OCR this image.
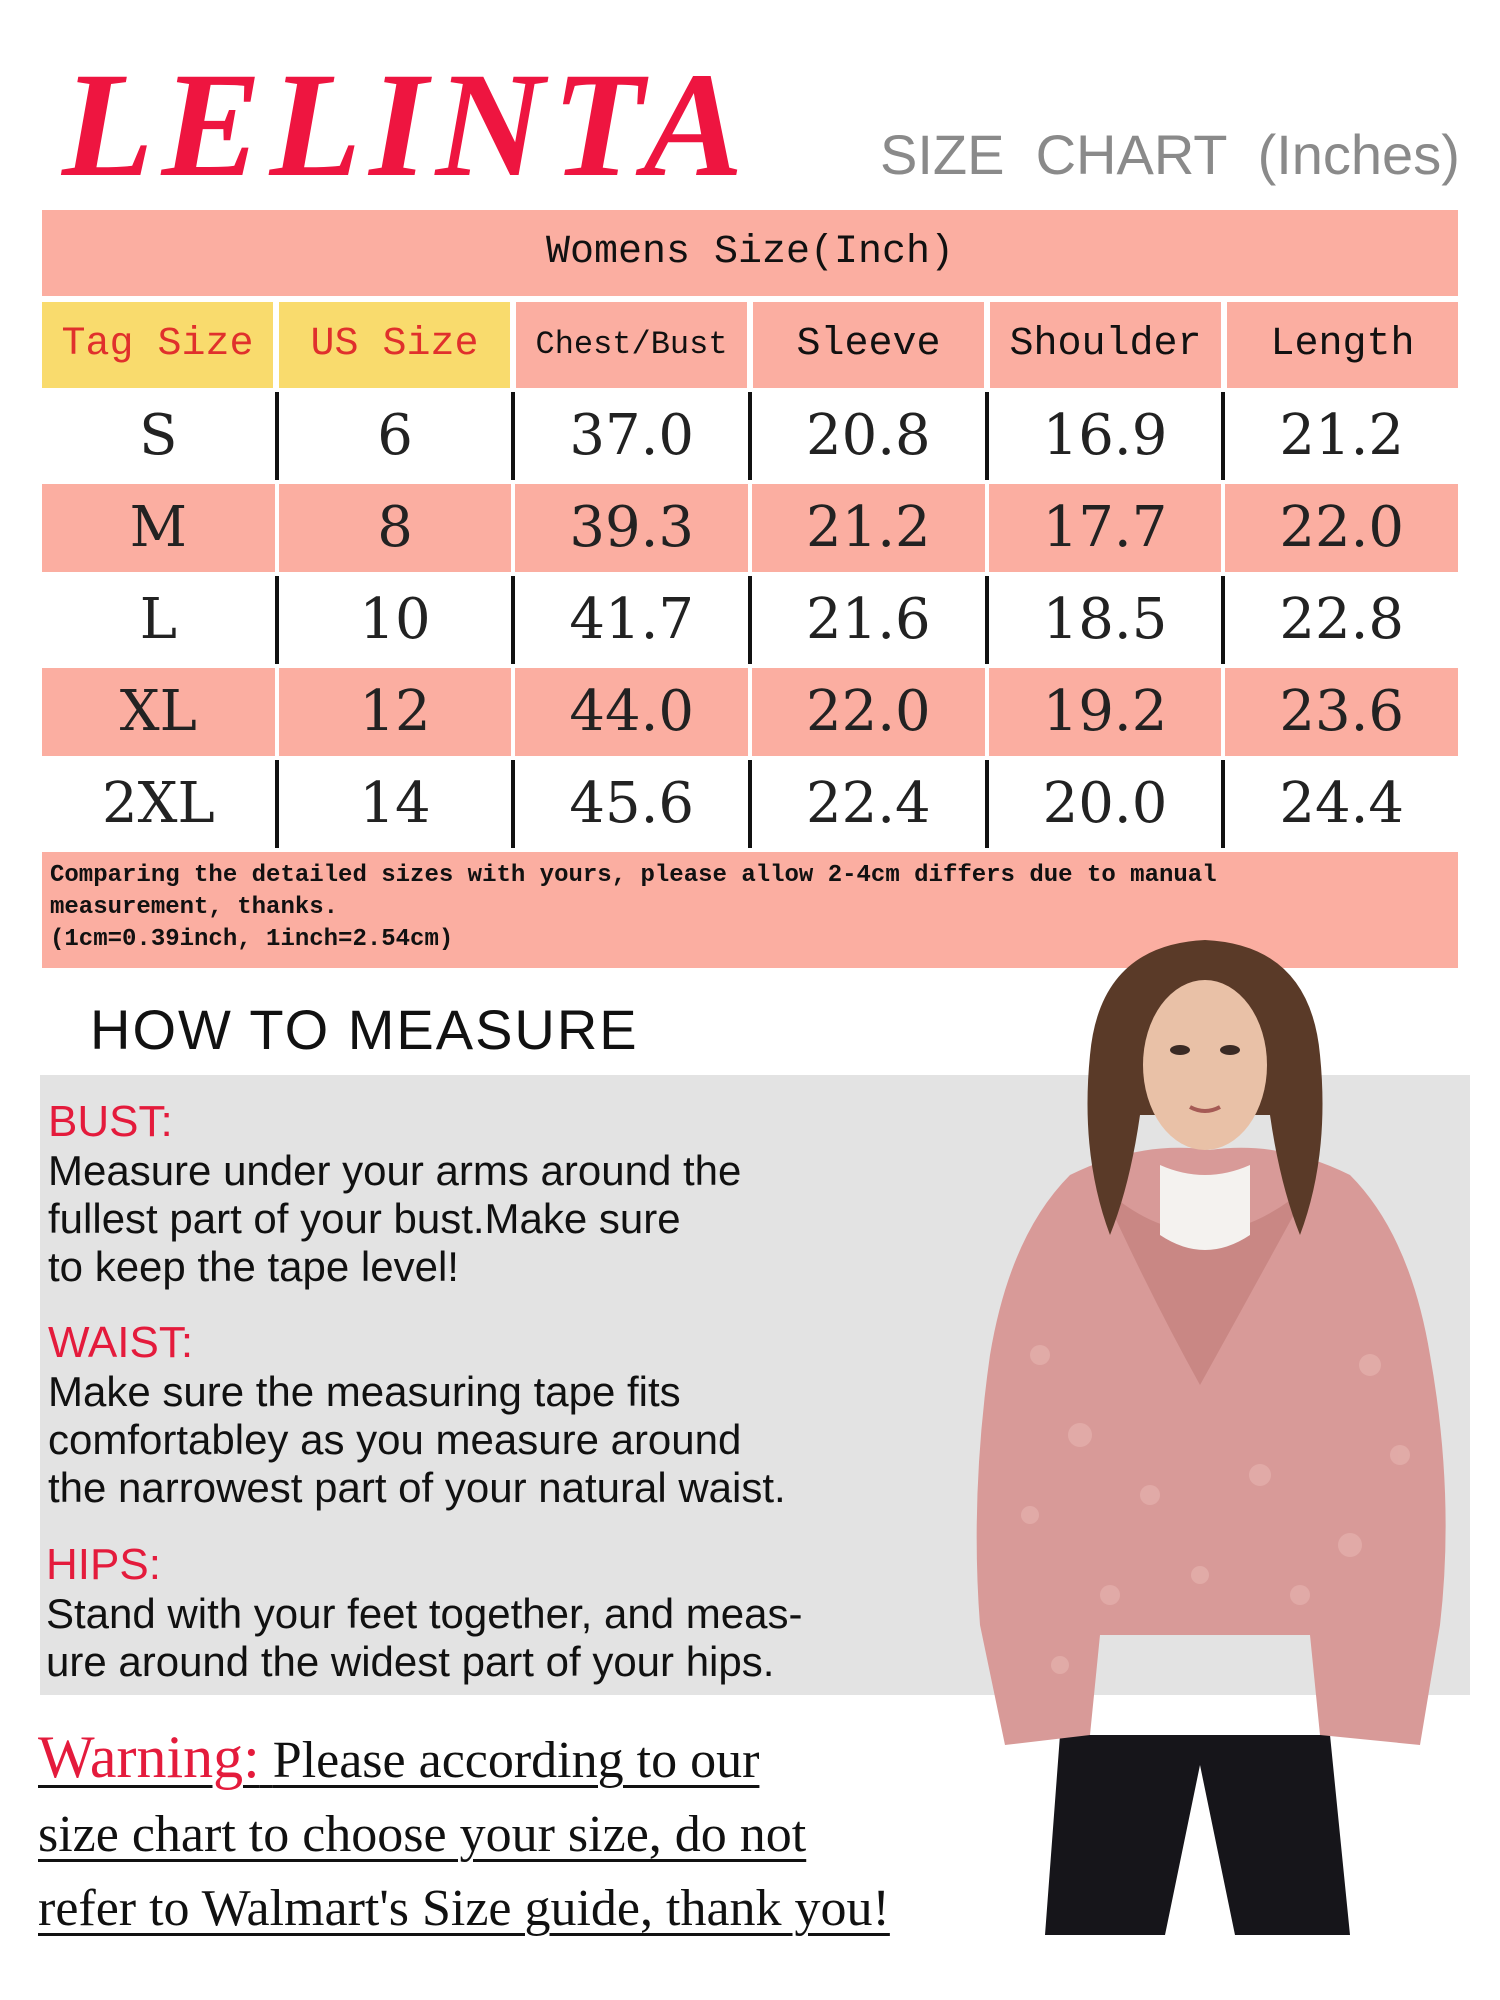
LELINTA	SIZE  CHART  (Inches)
Womens Size(Inch)
Tag Size	US Size	Chest/Bust	Sleeve	Shoulder	Length
S	6	37.0	20.8	16.9	21.2
M	8	39.3	21.2	17.7	22.0
L	10	41.7	21.6	18.5	22.8
XL	12	44.0	22.0	19.2	23.6
2XL	14	45.6	22.4	20.0	24.4
Comparing the detailed sizes with yours, please allow 2-4cm differs due to manual
measurement, thanks.
(1cm=0.39inch, 1inch=2.54cm)
HOW TO MEASURE
BUST:
Measure under your arms around the
fullest part of your bust.Make sure
to keep the tape level!
WAIST:
Make sure the measuring tape fits
comfortabley as you measure around
the narrowest part of your natural waist.
HIPS:
Stand with your feet together, and meas-
ure around the widest part of your hips.
Warning: Please according to our
size chart to choose your size, do not
refer to Walmart's Size guide, thank you!
